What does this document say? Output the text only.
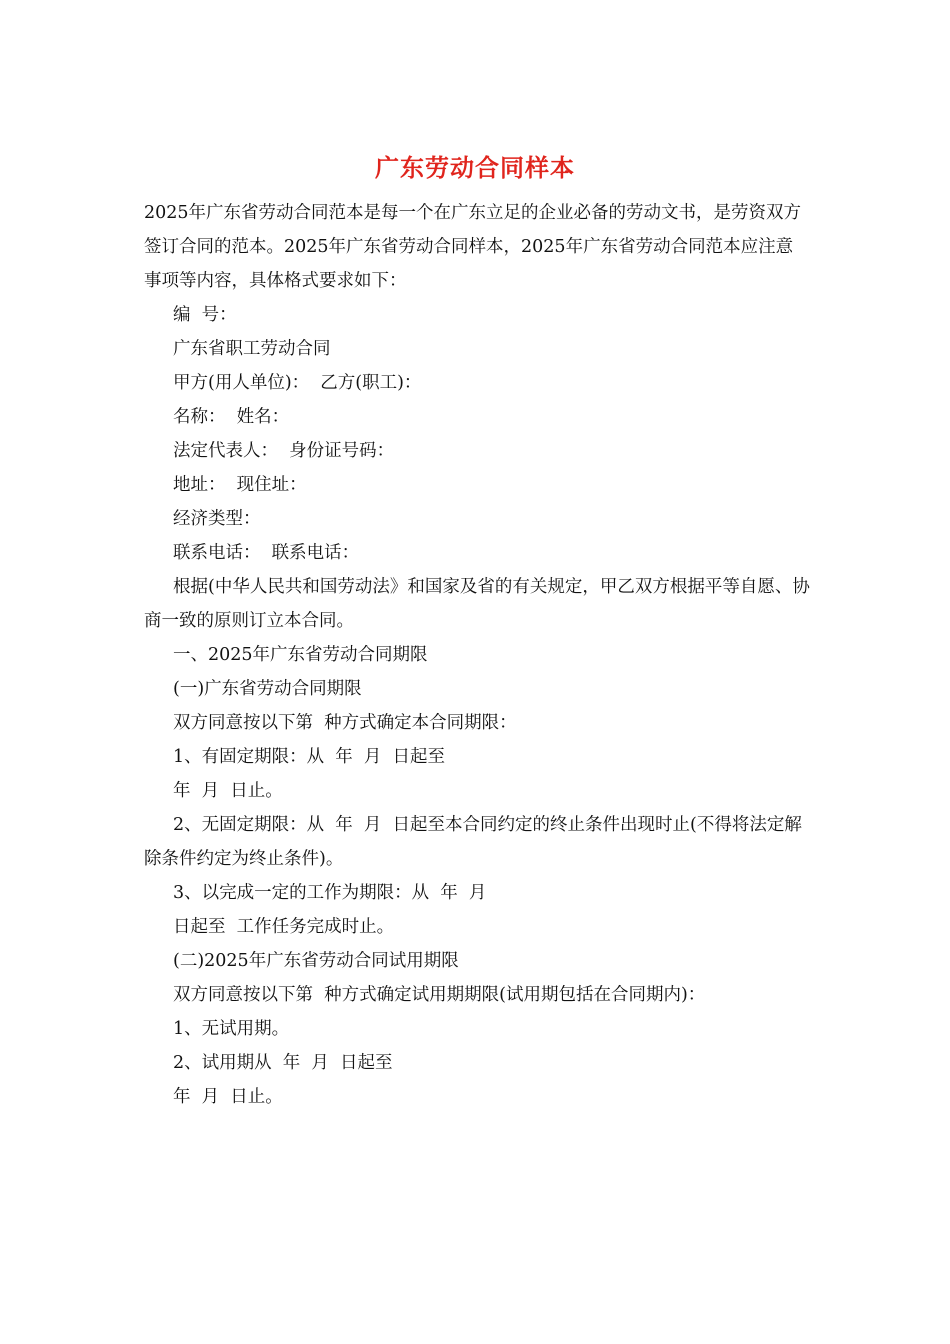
广东劳动合同样本

2025年广东省劳动合同范本是每一个在广东立足的企业必备的劳动文书，是劳资双方签订合同的范本。2025年广东省劳动合同样本，2025年广东省劳动合同范本应注意事项等内容，具体格式要求如下：

编  号：

广东省职工劳动合同

甲方(用人单位)：  乙方(职工)：

名称：  姓名：

法定代表人：  身份证号码：

地址：  现住址：

经济类型：

联系电话：  联系电话：

根据(中华人民共和国劳动法》和国家及省的有关规定，甲乙双方根据平等自愿、协商一致的原则订立本合同。

一、2025年广东省劳动合同期限

(一)广东省劳动合同期限

双方同意按以下第  种方式确定本合同期限：

1、有固定期限：从  年  月  日起至

年  月  日止。

2、无固定期限：从  年  月  日起至本合同约定的终止条件出现时止(不得将法定解除条件约定为终止条件)。

3、以完成一定的工作为期限：从  年  月

日起至  工作任务完成时止。

(二)2025年广东省劳动合同试用期限

双方同意按以下第  种方式确定试用期期限(试用期包括在合同期内)：

1、无试用期。

2、试用期从  年  月  日起至

年  月  日止。
